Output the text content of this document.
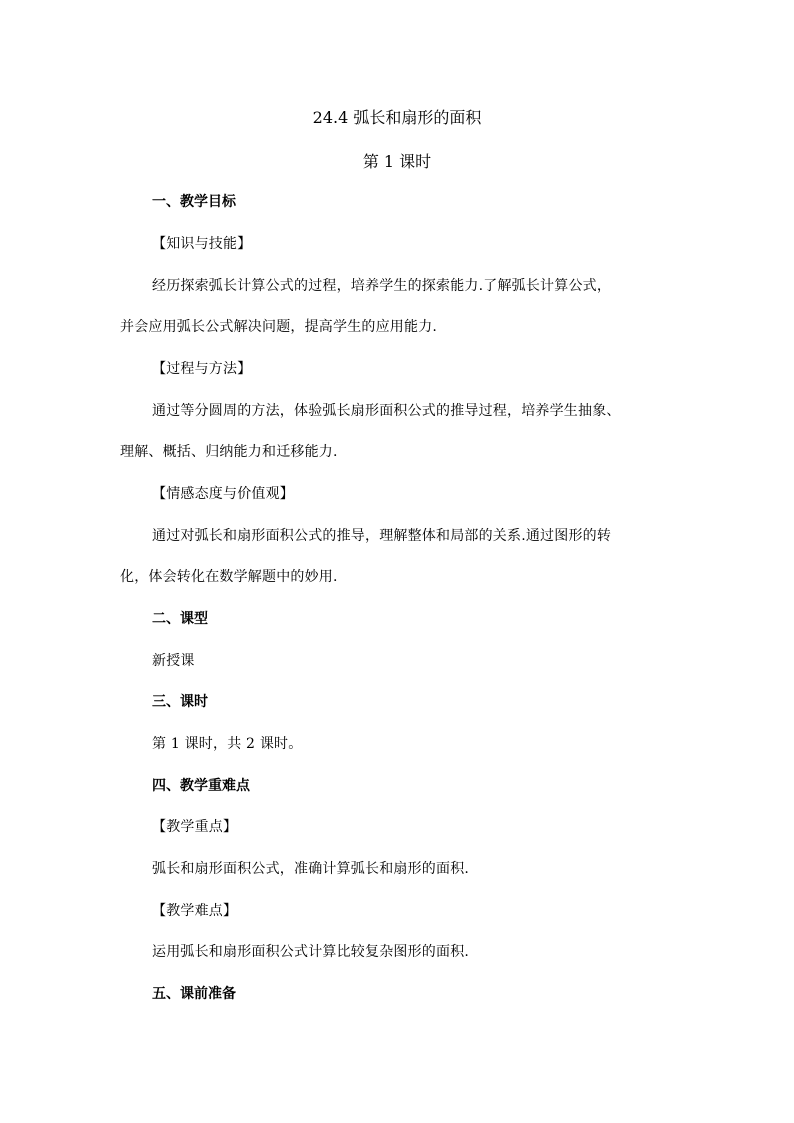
24.4 弧长和扇形的面积
第 1 课时
一、教学目标
【知识与技能】
经历探索弧长计算公式的过程，培养学生的探索能力.了解弧长计算公式，
并会应用弧长公式解决问题，提高学生的应用能力.
【过程与方法】
通过等分圆周的方法，体验弧长扇形面积公式的推导过程，培养学生抽象、
理解、概括、归纳能力和迁移能力.
【情感态度与价值观】
通过对弧长和扇形面积公式的推导，理解整体和局部的关系.通过图形的转
化，体会转化在数学解题中的妙用.
二、课型
新授课
三、课时
第 1 课时，共 2 课时。
四、教学重难点
【教学重点】
弧长和扇形面积公式，准确计算弧长和扇形的面积.
【教学难点】
运用弧长和扇形面积公式计算比较复杂图形的面积.
五、课前准备
